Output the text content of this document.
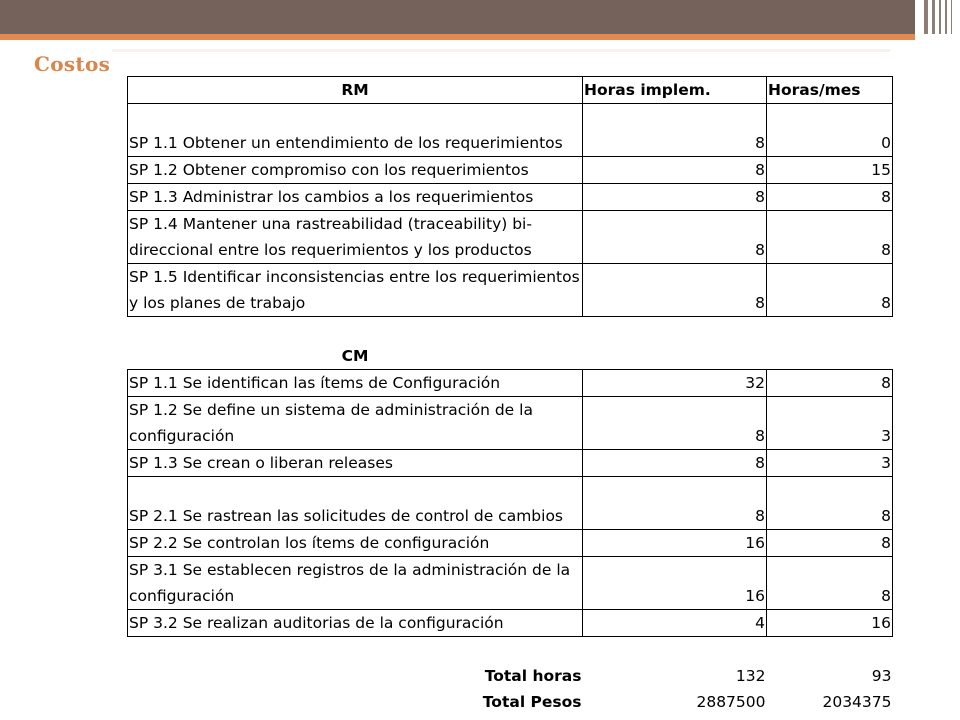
Costos
RM	Horas implem.	Horas/mes
SP 1.1 Obtener un entendimiento de los requerimientos	8	0
SP 1.2 Obtener compromiso con los requerimientos	8	15
SP 1.3 Administrar los cambios a los requerimientos	8	8
SP 1.4 Mantener una rastreabilidad (traceability) bi-direccional entre los requerimientos y los productos	8	8
SP 1.5 Identificar inconsistencias entre los requerimientos y los planes de trabajo	8	8

CM		
SP 1.1 Se identifican las ítems de Configuración	32	8
SP 1.2 Se define un sistema de administración de la configuración	8	3
SP 1.3 Se crean o liberan releases	8	3
SP 2.1 Se rastrean las solicitudes de control de cambios	8	8
SP 2.2 Se controlan los ítems de configuración	16	8
SP 3.1 Se establecen registros de la administración de la configuración	16	8
SP 3.2 Se realizan auditorias de la configuración	4	16

Total horas	132	93
Total Pesos	2887500	2034375
